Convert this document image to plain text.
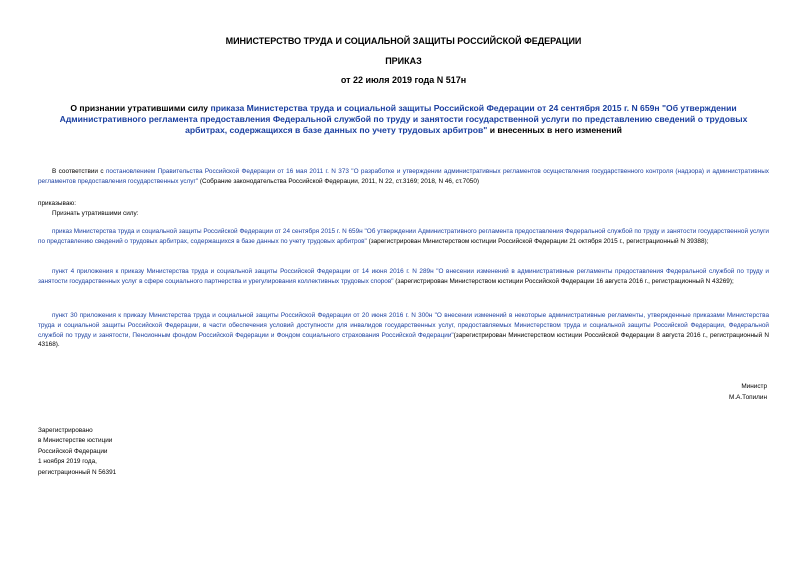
МИНИСТЕРСТВО ТРУДА И СОЦИАЛЬНОЙ ЗАЩИТЫ РОССИЙСКОЙ ФЕДЕРАЦИИ

ПРИКАЗ

от 22 июля 2019 года N 517н

О признании утратившими силу приказа Министерства труда и социальной защиты Российской Федерации от 24 сентября 2015 г. N 659н "Об утверждении Административного регламента предоставления Федеральной службой по труду и занятости государственной услуги по представлению сведений о трудовых арбитрах, содержащихся в базе данных по учету трудовых арбитров" и внесенных в него изменений

В соответствии с постановлением Правительства Российской Федерации от 16 мая 2011 г. N 373 "О разработке и утверждении административных регламентов осуществления государственного контроля (надзора) и административных регламентов предоставления государственных услуг" (Собрание законодательства Российской Федерации, 2011, N 22, ст.3169; 2018, N 46, ст.7050)

приказываю:

Признать утратившими силу:

приказ Министерства труда и социальной защиты Российской Федерации от 24 сентября 2015 г. N 659н "Об утверждении Административного регламента предоставления Федеральной службой по труду и занятости государственной услуги по представлению сведений о трудовых арбитрах, содержащихся в базе данных по учету трудовых арбитров" (зарегистрирован Министерством юстиции Российской Федерации 21 октября 2015 г., регистрационный N 39388);

пункт 4 приложения к приказу Министерства труда и социальной защиты Российской Федерации от 14 июня 2016 г. N 289н "О внесении изменений в административные регламенты предоставления Федеральной службой по труду и занятости государственных услуг в сфере социального партнерства и урегулирования коллективных трудовых споров" (зарегистрирован Министерством юстиции Российской Федерации 16 августа 2016 г., регистрационный N 43269);

пункт 30 приложения к приказу Министерства труда и социальной защиты Российской Федерации от 20 июня 2016 г. N 300н "О внесении изменений в некоторые административные регламенты, утвержденные приказами Министерства труда и социальной защиты Российской Федерации, в части обеспечения условий доступности для инвалидов государственных услуг, предоставляемых Министерством труда и социальной защиты Российской Федерации, Федеральной службой по труду и занятости, Пенсионным фондом Российской Федерации и Фондом социального страхования Российской Федерации"(зарегистрирован Министерством юстиции Российской Федерации 8 августа 2016 г., регистрационный N 43168).

Министр

М.А.Топилин

Зарегистрировано
в Министерстве юстиции
Российской Федерации
1 ноября 2019 года,
регистрационный N 56391
